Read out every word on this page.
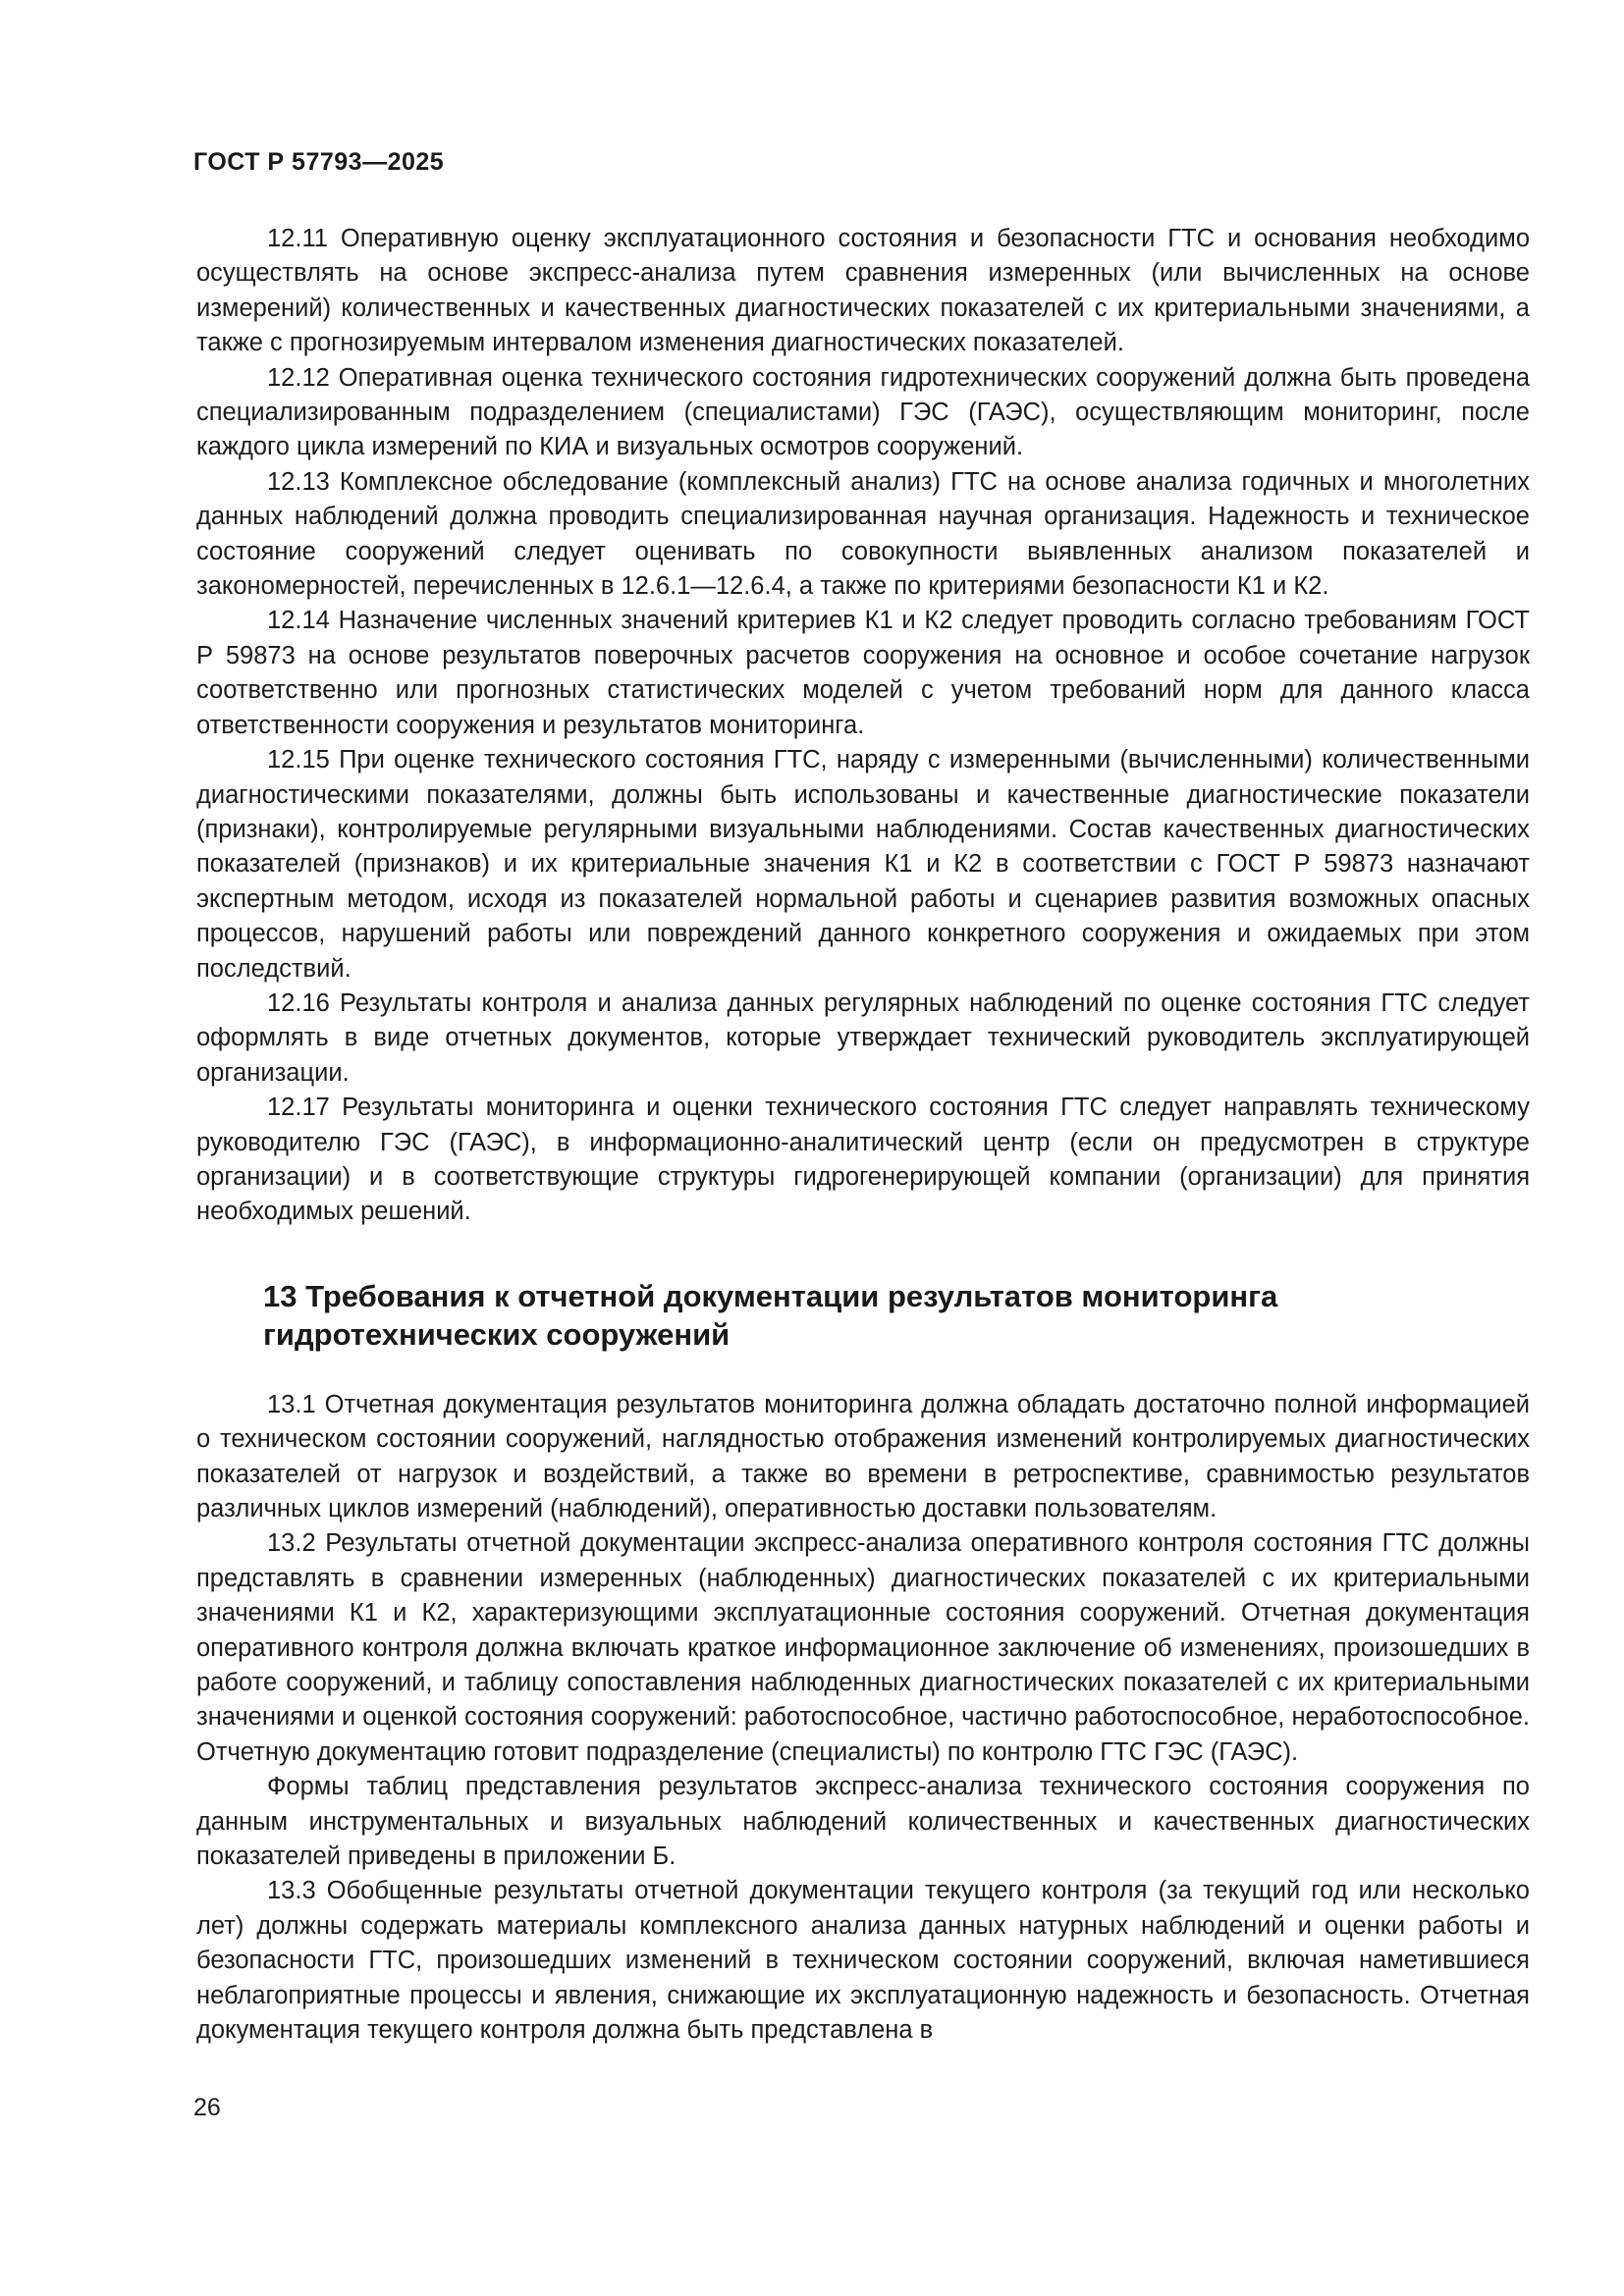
ГОСТ Р 57793—2025

12.11 Оперативную оценку эксплуатационного состояния и безопасности ГТС и основания необходимо осуществлять на основе экспресс-анализа путем сравнения измеренных (или вычисленных на основе измерений) количественных и качественных диагностических показателей с их критериальными значениями, а также с прогнозируемым интервалом изменения диагностических показателей.

12.12 Оперативная оценка технического состояния гидротехнических сооружений должна быть проведена специализированным подразделением (специалистами) ГЭС (ГАЭС), осуществляющим мониторинг, после каждого цикла измерений по КИА и визуальных осмотров сооружений.

12.13 Комплексное обследование (комплексный анализ) ГТС на основе анализа годичных и многолетних данных наблюдений должна проводить специализированная научная организация. Надежность и техническое состояние сооружений следует оценивать по совокупности выявленных анализом показателей и закономерностей, перечисленных в 12.6.1—12.6.4, а также по критериями безопасности К1 и К2.

12.14 Назначение численных значений критериев К1 и К2 следует проводить согласно требованиям ГОСТ Р 59873 на основе результатов поверочных расчетов сооружения на основное и особое сочетание нагрузок соответственно или прогнозных статистических моделей с учетом требований норм для данного класса ответственности сооружения и результатов мониторинга.

12.15 При оценке технического состояния ГТС, наряду с измеренными (вычисленными) количественными диагностическими показателями, должны быть использованы и качественные диагностические показатели (признаки), контролируемые регулярными визуальными наблюдениями. Состав качественных диагностических показателей (признаков) и их критериальные значения К1 и К2 в соответствии с ГОСТ Р 59873 назначают экспертным методом, исходя из показателей нормальной работы и сценариев развития возможных опасных процессов, нарушений работы или повреждений данного конкретного сооружения и ожидаемых при этом последствий.

12.16 Результаты контроля и анализа данных регулярных наблюдений по оценке состояния ГТС следует оформлять в виде отчетных документов, которые утверждает технический руководитель эксплуатирующей организации.

12.17 Результаты мониторинга и оценки технического состояния ГТС следует направлять техническому руководителю ГЭС (ГАЭС), в информационно-аналитический центр (если он предусмотрен в структуре организации) и в соответствующие структуры гидрогенерирующей компании (организации) для принятия необходимых решений.

13 Требования к отчетной документации результатов мониторинга
гидротехнических сооружений

13.1 Отчетная документация результатов мониторинга должна обладать достаточно полной информацией о техническом состоянии сооружений, наглядностью отображения изменений контролируемых диагностических показателей от нагрузок и воздействий, а также во времени в ретроспективе, сравнимостью результатов различных циклов измерений (наблюдений), оперативностью доставки пользователям.

13.2 Результаты отчетной документации экспресс-анализа оперативного контроля состояния ГТС должны представлять в сравнении измеренных (наблюденных) диагностических показателей с их критериальными значениями К1 и К2, характеризующими эксплуатационные состояния сооружений. Отчетная документация оперативного контроля должна включать краткое информационное заключение об изменениях, произошедших в работе сооружений, и таблицу сопоставления наблюденных диагностических показателей с их критериальными значениями и оценкой состояния сооружений: работоспособное, частично работоспособное, неработоспособное. Отчетную документацию готовит подразделение (специалисты) по контролю ГТС ГЭС (ГАЭС).

Формы таблиц представления результатов экспресс-анализа технического состояния сооружения по данным инструментальных и визуальных наблюдений количественных и качественных диагностических показателей приведены в приложении Б.

13.3 Обобщенные результаты отчетной документации текущего контроля (за текущий год или несколько лет) должны содержать материалы комплексного анализа данных натурных наблюдений и оценки работы и безопасности ГТС, произошедших изменений в техническом состоянии сооружений, включая наметившиеся неблагоприятные процессы и явления, снижающие их эксплуатационную надежность и безопасность. Отчетная документация текущего контроля должна быть представлена в

26
